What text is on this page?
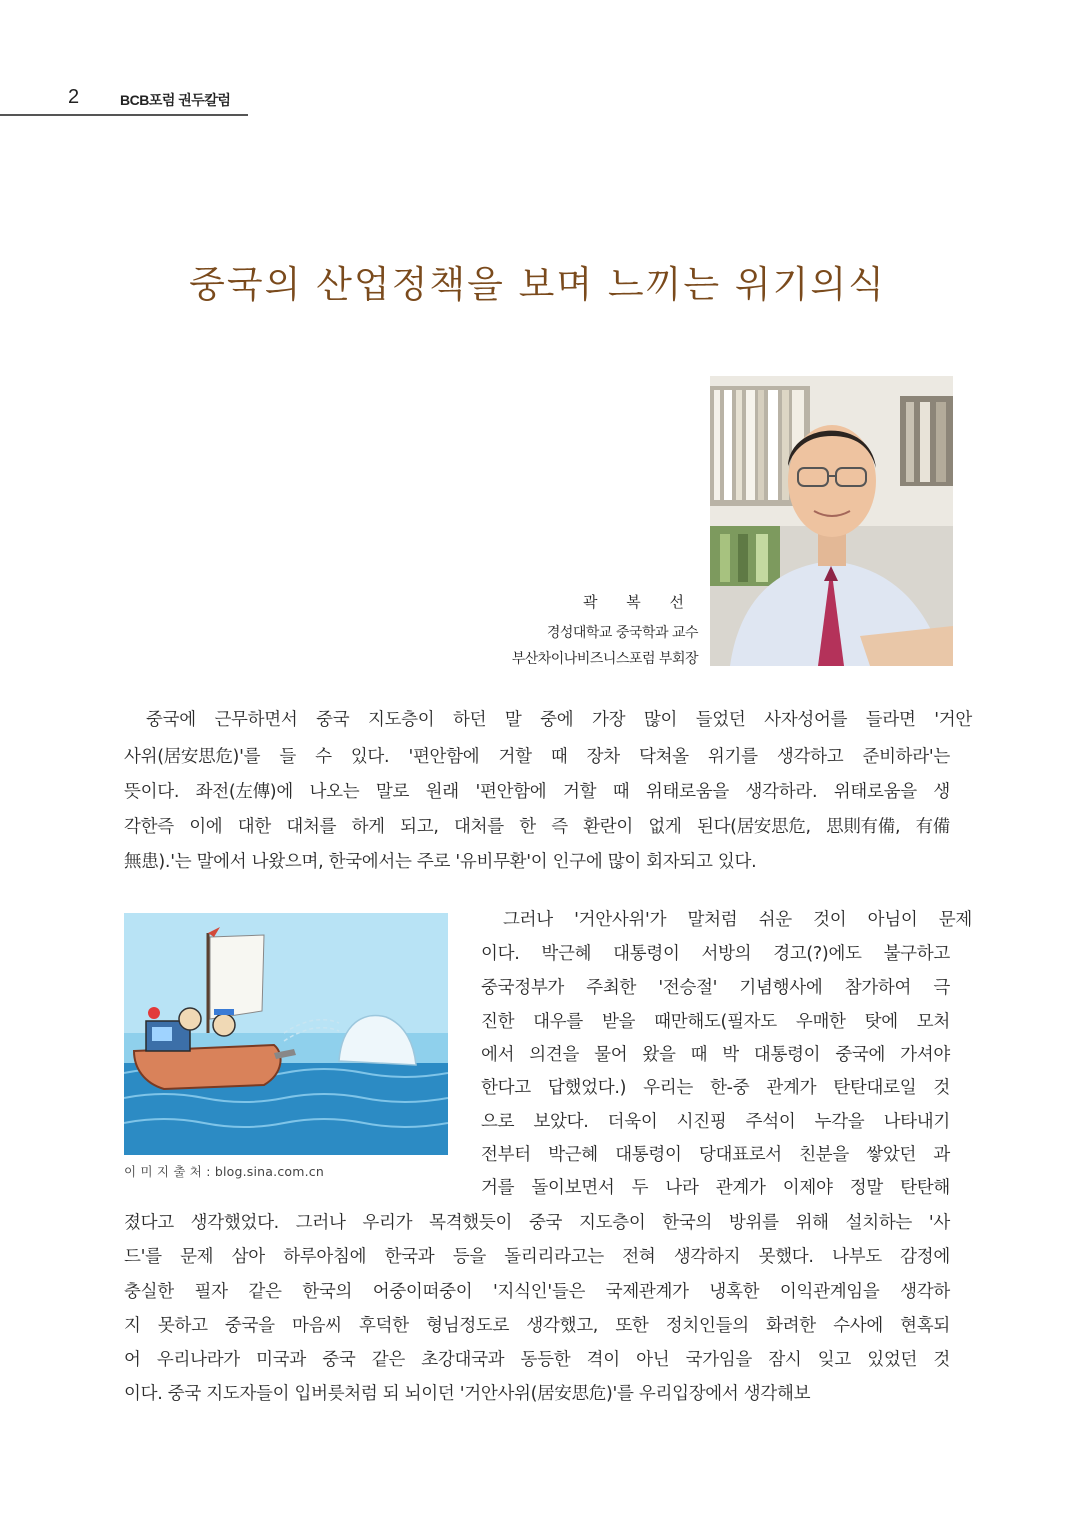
2	BCB포럼 권두칼럼
중국의 산업정책을 보며 느끼는 위기의식
곽 복 선
경성대학교 중국학과 교수
부산차이나비즈니스포럼 부회장
중국에 근무하면서 중국 지도층이 하던 말 중에 가장 많이 들었던 사자성어를 들라면 '거안
사위(居安思危)'를 들 수 있다. '편안함에 거할 때 장차 닥쳐올 위기를 생각하고 준비하라'는
뜻이다. 좌전(左傳)에 나오는 말로 원래 '편안함에 거할 때 위태로움을 생각하라. 위태로움을 생
각한즉 이에 대한 대처를 하게 되고, 대처를 한 즉 환란이 없게 된다(居安思危, 思則有備, 有備
無患).'는 말에서 나왔으며, 한국에서는 주로 '유비무환'이 인구에 많이 회자되고 있다.
이 미 지 출 처 : blog.sina.com.cn
그러나 '거안사위'가 말처럼 쉬운 것이 아님이 문제
이다. 박근혜 대통령이 서방의 경고(?)에도 불구하고
중국정부가 주최한 '전승절' 기념행사에 참가하여 극
진한 대우를 받을 때만해도(필자도 우매한 탓에 모처
에서 의견을 물어 왔을 때 박 대통령이 중국에 가셔야
한다고 답했었다.) 우리는 한-중 관계가 탄탄대로일 것
으로 보았다. 더욱이 시진핑 주석이 누각을 나타내기
전부터 박근혜 대통령이 당대표로서 친분을 쌓았던 과
거를 돌이보면서 두 나라 관계가 이제야 정말 탄탄해
졌다고 생각했었다. 그러나 우리가 목격했듯이 중국 지도층이 한국의 방위를 위해 설치하는 '사
드'를 문제 삼아 하루아침에 한국과 등을 돌리리라고는 전혀 생각하지 못했다. 나부도 감정에
충실한 필자 같은 한국의 어중이떠중이 '지식인'들은 국제관계가 냉혹한 이익관계임을 생각하
지 못하고 중국을 마음씨 후덕한 형님정도로 생각했고, 또한 정치인들의 화려한 수사에 현혹되
어 우리나라가 미국과 중국 같은 초강대국과 동등한 격이 아닌 국가임을 잠시 잊고 있었던 것
이다. 중국 지도자들이 입버릇처럼 되 뇌이던 '거안사위(居安思危)'를 우리입장에서 생각해보
